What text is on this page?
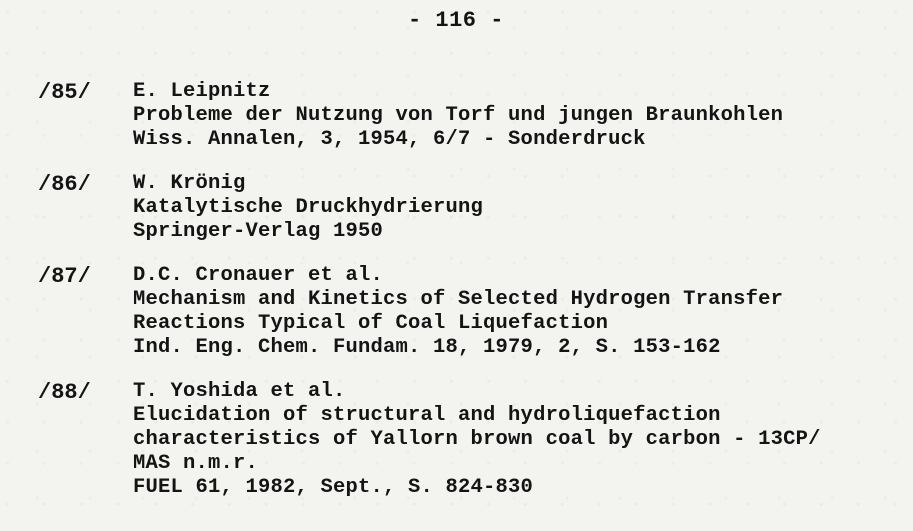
- 116 -
/85/ E. Leipnitz
Probleme der Nutzung von Torf und jungen Braunkohlen
Wiss. Annalen, 3, 1954, 6/7 - Sonderdruck
/86/ W. Krönig
Katalytische Druckhydrierung
Springer-Verlag 1950
/87/ D.C. Cronauer et al.
Mechanism and Kinetics of Selected Hydrogen Transfer
Reactions Typical of Coal Liquefaction
Ind. Eng. Chem. Fundam. 18, 1979, 2, S. 153-162
/88/ T. Yoshida et al.
Elucidation of structural and hydroliquefaction
characteristics of Yallorn brown coal by carbon - 13CP/
MAS n.m.r.
FUEL 61, 1982, Sept., S. 824-830
